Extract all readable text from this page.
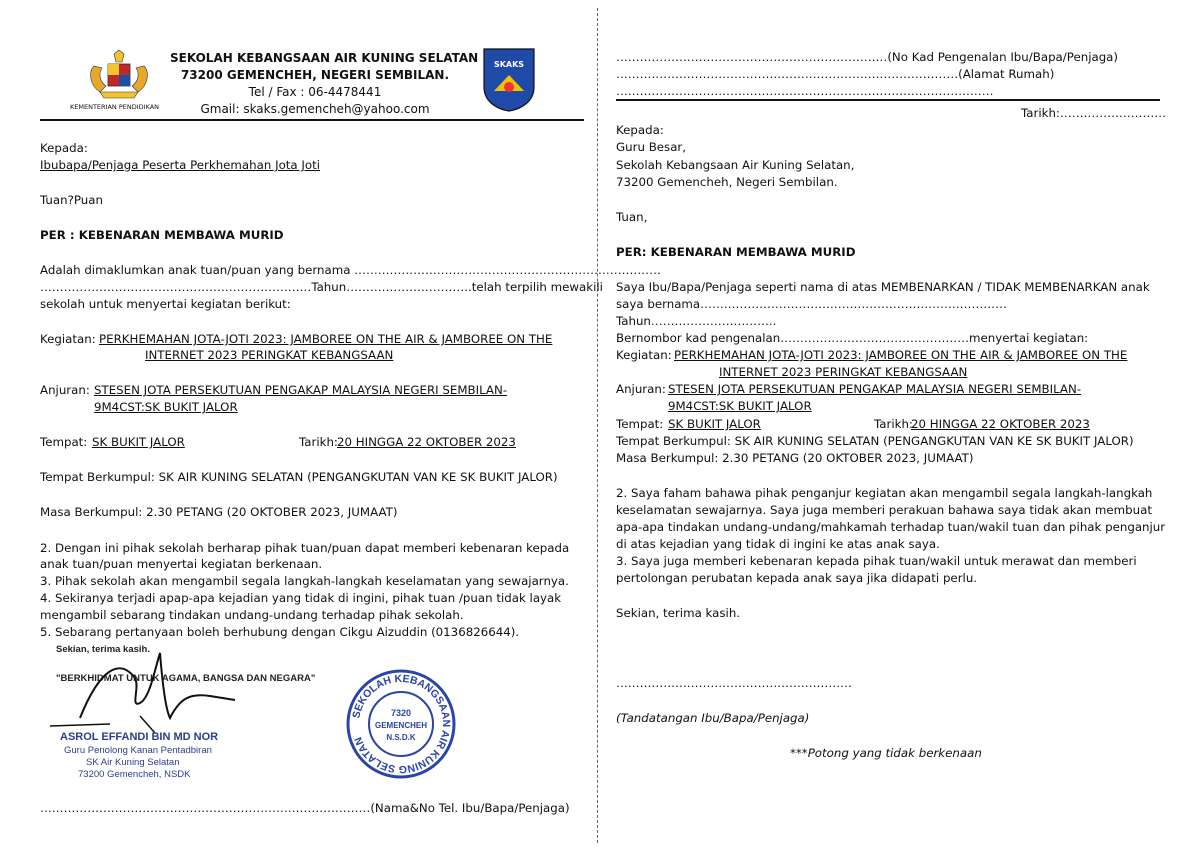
KEMENTERIAN PENDIDIKAN
SEKOLAH KEBANGSAAN AIR KUNING SELATAN
73200 GEMENCHEH, NEGERI SEMBILAN.
Tel / Fax : 06-4478441
Gmail: skaks.gemencheh@yahoo.com
SKAKS
Kepada:
Ibubapa/Penjaga Peserta Perkhemahan Jota Joti
Tuan?Puan
PER : KEBENARAN MEMBAWA MURID
Adalah dimaklumkan anak tuan/puan yang bernama ……………………………………………………………………
……………………………………………………………Tahun…………………………..telah terpilih mewakili
sekolah untuk menyertai kegiatan berikut:
Kegiatan: PERKHEMAHAN JOTA-JOTI 2023: JAMBOREE ON THE AIR & JAMBOREE ON THE
INTERNET 2023 PERINGKAT KEBANGSAAN
Anjuran: STESEN JOTA PERSEKUTUAN PENGAKAP MALAYSIA NEGERI SEMBILAN-
9M4CST:SK BUKIT JALOR
Tempat: SK BUKIT JALOR	Tarikh: 20 HINGGA 22 OKTOBER 2023
Tempat Berkumpul: SK AIR KUNING SELATAN (PENGANGKUTAN VAN KE SK BUKIT JALOR)
Masa Berkumpul: 2.30 PETANG (20 OKTOBER 2023, JUMAAT)
2. Dengan ini pihak sekolah berharap pihak tuan/puan dapat memberi kebenaran kepada
anak tuan/puan menyertai kegiatan berkenaan.
3. Pihak sekolah akan mengambil segala langkah-langkah keselamatan yang sewajarnya.
4. Sekiranya terjadi apap-apa kejadian yang tidak di ingini, pihak tuan /puan tidak layak
mengambil sebarang tindakan undang-undang terhadap pihak sekolah.
5. Sebarang pertanyaan boleh berhubung dengan Cikgu Aizuddin (0136826644).
Sekian, terima kasih.
"BERKHIDMAT UNTUK AGAMA, BANGSA DAN NEGARA"
ASROL EFFANDI BIN MD NOR
Guru Penolong Kanan Pentadbiran
SK Air Kuning Selatan
73200 Gemencheh, NSDK
SEKOLAH KEBANGSAAN AIR KUNING SELATAN
7320
GEMENCHEH
N.S.D.K
…………………………………………………………………………(Nama&No Tel. Ibu/Bapa/Penjaga)
……………………………………………………………(No Kad Pengenalan Ibu/Bapa/Penjaga)
……………………………………………………………………………(Alamat Rumah)
……………………………………………………………………………………
Tarikh:………………………
Kepada:
Guru Besar,
Sekolah Kebangsaan Air Kuning Selatan,
73200 Gemencheh, Negeri Sembilan.
Tuan,
PER: KEBENARAN MEMBAWA MURID
Saya Ibu/Bapa/Penjaga seperti nama di atas MEMBENARKAN / TIDAK MEMBENARKAN anak
saya bernama……………………………………………………………………
Tahun…………………………..
Bernombor kad pengenalan…………………………………………menyertai kegiatan:
Kegiatan: PERKHEMAHAN JOTA-JOTI 2023: JAMBOREE ON THE AIR & JAMBOREE ON THE
INTERNET 2023 PERINGKAT KEBANGSAAN
Anjuran: STESEN JOTA PERSEKUTUAN PENGAKAP MALAYSIA NEGERI SEMBILAN-
9M4CST:SK BUKIT JALOR
Tempat: SK BUKIT JALOR	Tarikh:
20 HINGGA 22 OKTOBER 2023
Tempat Berkumpul: SK AIR KUNING SELATAN (PENGANGKUTAN VAN KE SK BUKIT JALOR)
Masa Berkumpul: 2.30 PETANG (20 OKTOBER 2023, JUMAAT)
2. Saya faham bahawa pihak penganjur kegiatan akan mengambil segala langkah-langkah
keselamatan sewajarnya. Saya juga memberi perakuan bahawa saya tidak akan membuat
apa-apa tindakan undang-undang/mahkamah terhadap tuan/wakil tuan dan pihak penganjur
di atas kejadian yang tidak di ingini ke atas anak saya.
3. Saya juga memberi kebenaran kepada pihak tuan/wakil untuk merawat dan memberi
pertolongan perubatan kepada anak saya jika didapati perlu.
Sekian, terima kasih.
……………………………………………………
(Tandatangan Ibu/Bapa/Penjaga)
***Potong yang tidak berkenaan
